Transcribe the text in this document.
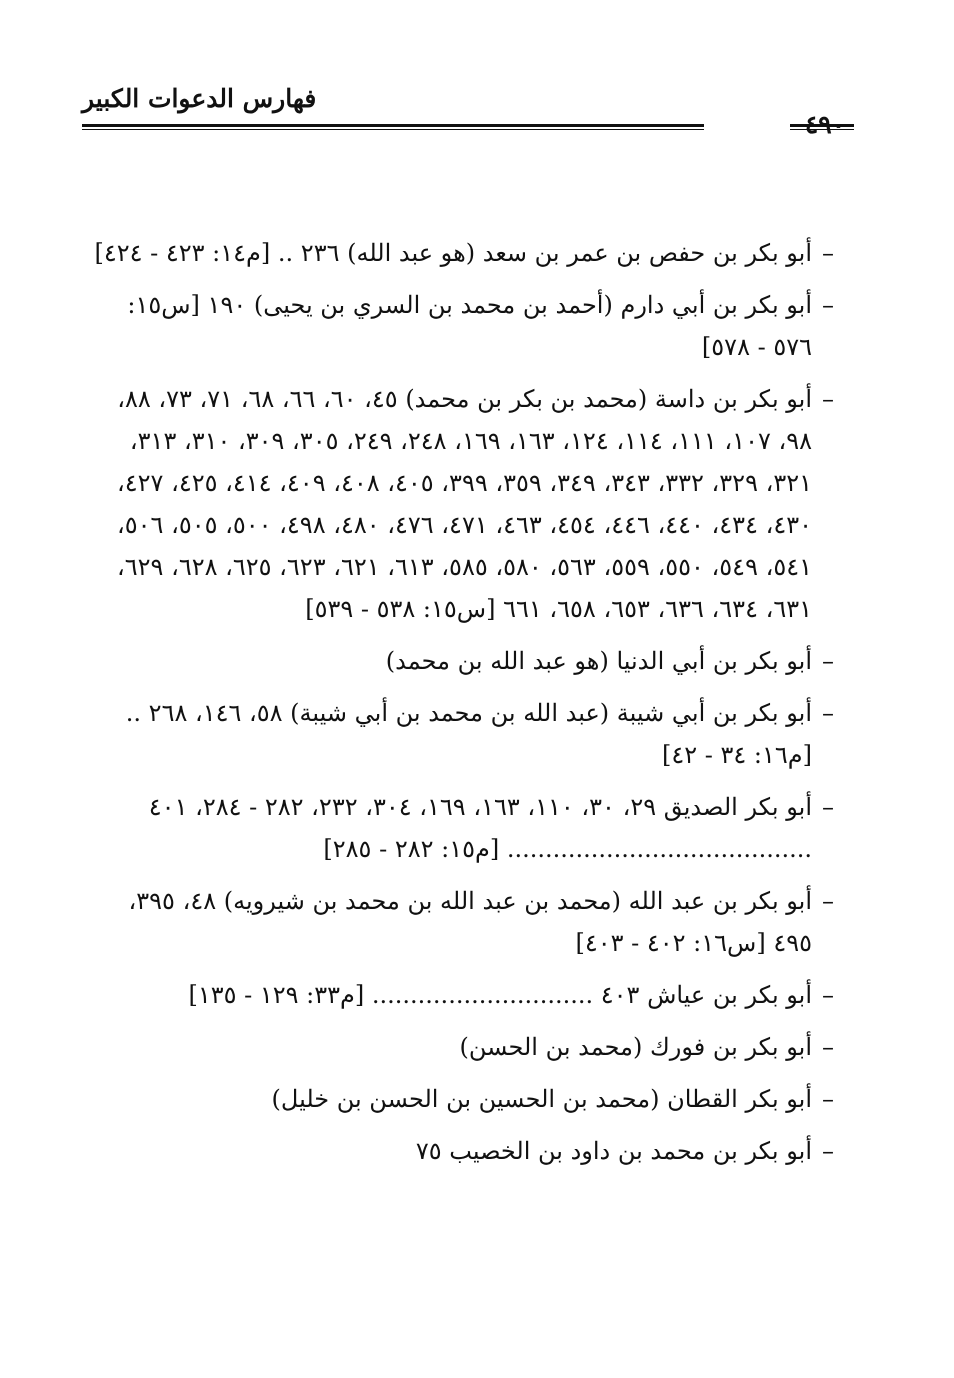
فهارس الدعوات الكبير
٤٩٠
–
أبو بكر بن حفص بن عمر بن سعد (هو عبد الله) ٢٣٦ .. [م١٤: ٤٢٣ - ٤٢٤]
–
أبو بكر بن أبي دارم (أحمد بن محمد بن السري بن يحيى) ١٩٠ [س١٥: ٥٧٦ - ٥٧٨]
–
أبو بكر بن داسة (محمد بن بكر بن محمد) ٤٥، ٦٠، ٦٦، ٦٨، ٧١، ٧٣، ٨٨، ٩٨، ١٠٧، ١١١، ١١٤، ١٢٤، ١٦٣، ١٦٩، ٢٤٨، ٢٤٩، ٣٠٥، ٣٠٩، ٣١٠، ٣١٣، ٣٢١، ٣٢٩، ٣٣٢، ٣٤٣، ٣٤٩، ٣٥٩، ٣٩٩، ٤٠٥، ٤٠٨، ٤٠٩، ٤١٤، ٤٢٥، ٤٢٧، ٤٣٠، ٤٣٤، ٤٤٠، ٤٤٦، ٤٥٤، ٤٦٣، ٤٧١، ٤٧٦، ٤٨٠، ٤٩٨، ٥٠٠، ٥٠٥، ٥٠٦، ٥٤١، ٥٤٩، ٥٥٠، ٥٥٩، ٥٦٣، ٥٨٠، ٥٨٥، ٦١٣، ٦٢١، ٦٢٣، ٦٢٥، ٦٢٨، ٦٢٩، ٦٣١، ٦٣٤، ٦٣٦، ٦٥٣، ٦٥٨، ٦٦١ [س١٥: ٥٣٨ - ٥٣٩]
–
أبو بكر بن أبي الدنيا (هو عبد الله بن محمد)
–
أبو بكر بن أبي شيبة (عبد الله بن محمد بن أبي شيبة) ٥٨، ١٤٦، ٢٦٨ .. [م١٦: ٣٤ - ٤٢]
–
أبو بكر الصديق ٢٩، ٣٠، ١١٠، ١٦٣، ١٦٩، ٣٠٤، ٢٣٢، ٢٨٢ - ٢٨٤، ٤٠١ ........................................ [م١٥: ٢٨٢ - ٢٨٥]
–
أبو بكر بن عبد الله (محمد بن عبد الله بن محمد بن شيرويه) ٤٨، ٣٩٥، ٤٩٥ [س١٦: ٤٠٢ - ٤٠٣]
–
أبو بكر بن عياش ٤٠٣ ............................. [م٣٣: ١٢٩ - ١٣٥]
–
أبو بكر بن فورك (محمد بن الحسن)
–
أبو بكر القطان (محمد بن الحسين بن الحسن بن خليل)
–
أبو بكر بن محمد بن داود بن الخصيب ٧٥
